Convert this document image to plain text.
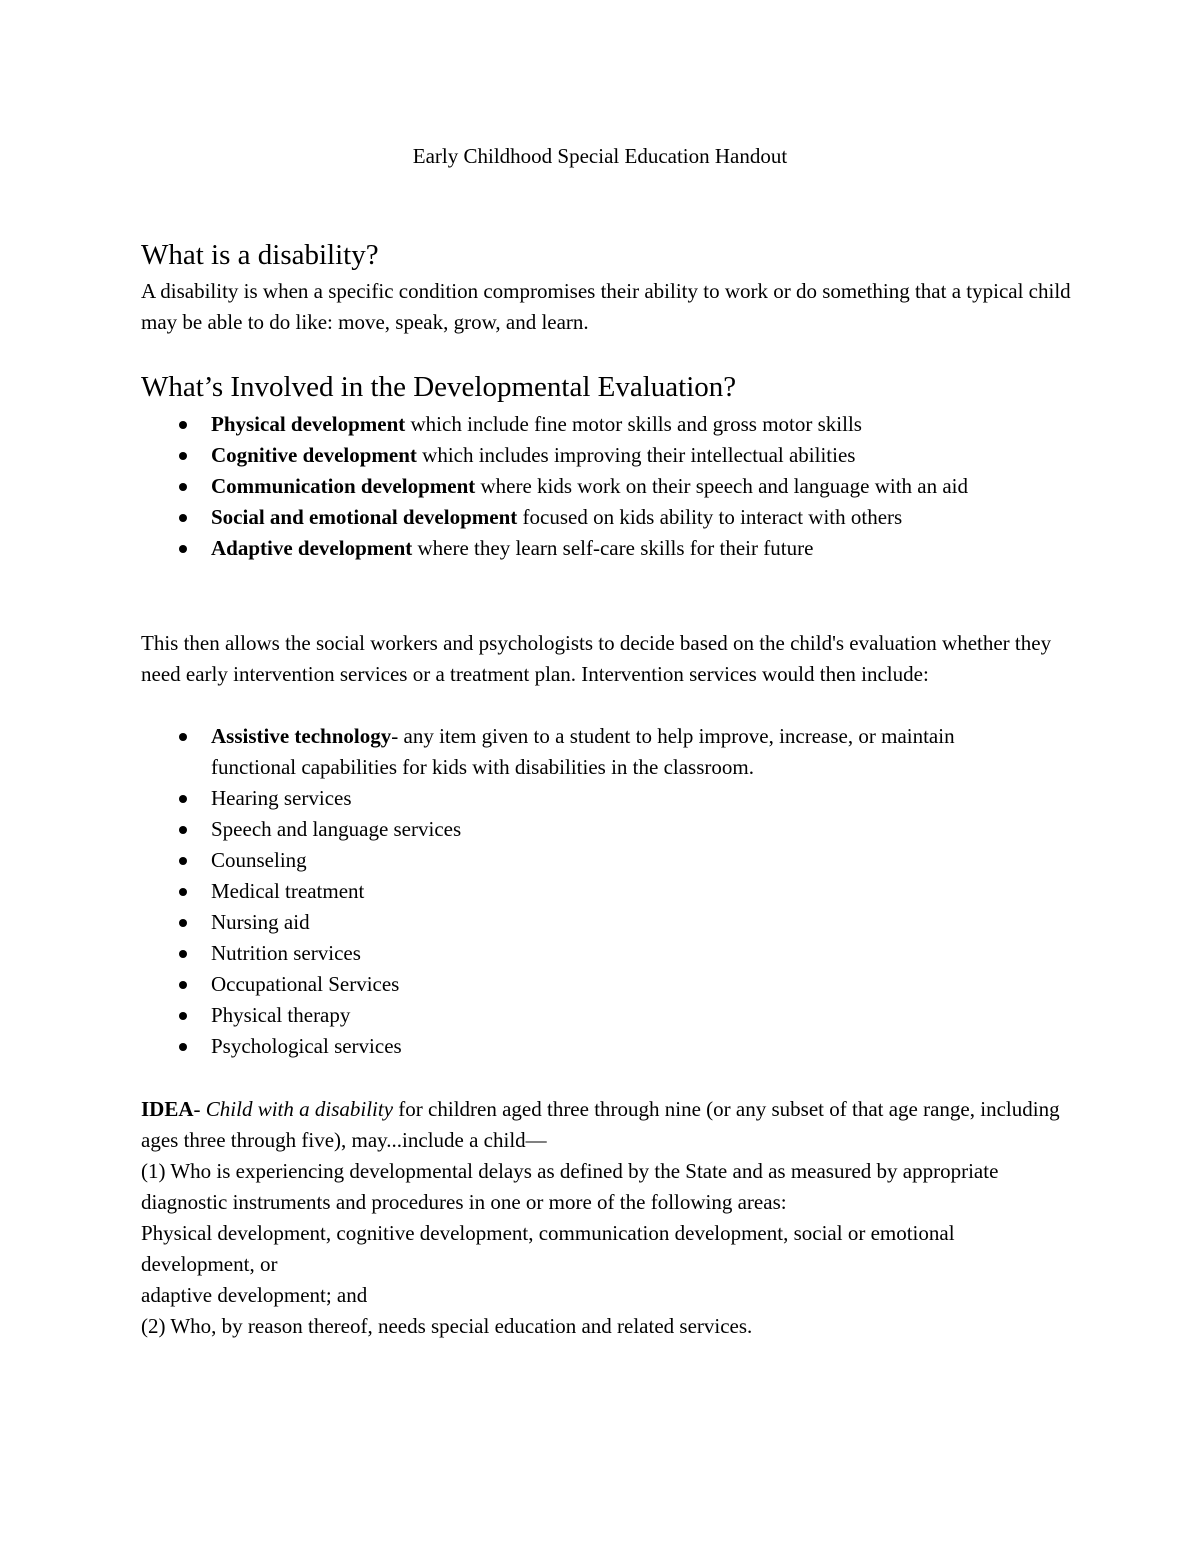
Early Childhood Special Education Handout
What is a disability?

A disability is when a specific condition compromises their ability to work or do something that a typical child may be able to do like: move, speak, grow, and learn.

What’s Involved in the Developmental Evaluation?
Physical development which include fine motor skills and gross motor skills
Cognitive development which includes improving their intellectual abilities
Communication development where kids work on their speech and language with an aid
Social and emotional development focused on kids ability to interact with others
Adaptive development where they learn self-care skills for their future

This then allows the social workers and psychologists to decide based on the child's evaluation whether they need early intervention services or a treatment plan. Intervention services would then include:

Assistive technology- any item given to a student to help improve, increase, or maintain functional capabilities for kids with disabilities in the classroom.
Hearing services
Speech and language services
Counseling
Medical treatment
Nursing aid
Nutrition services
Occupational Services
Physical therapy
Psychological services
IDEA- Child with a disability for children aged three through nine (or any subset of that age range, including ages three through five), may...include a child—
(1) Who is experiencing developmental delays as defined by the State and as measured by appropriate diagnostic instruments and procedures in one or more of the following areas:
Physical development, cognitive development, communication development, social or emotional development, or
adaptive development; and
(2) Who, by reason thereof, needs special education and related services.
